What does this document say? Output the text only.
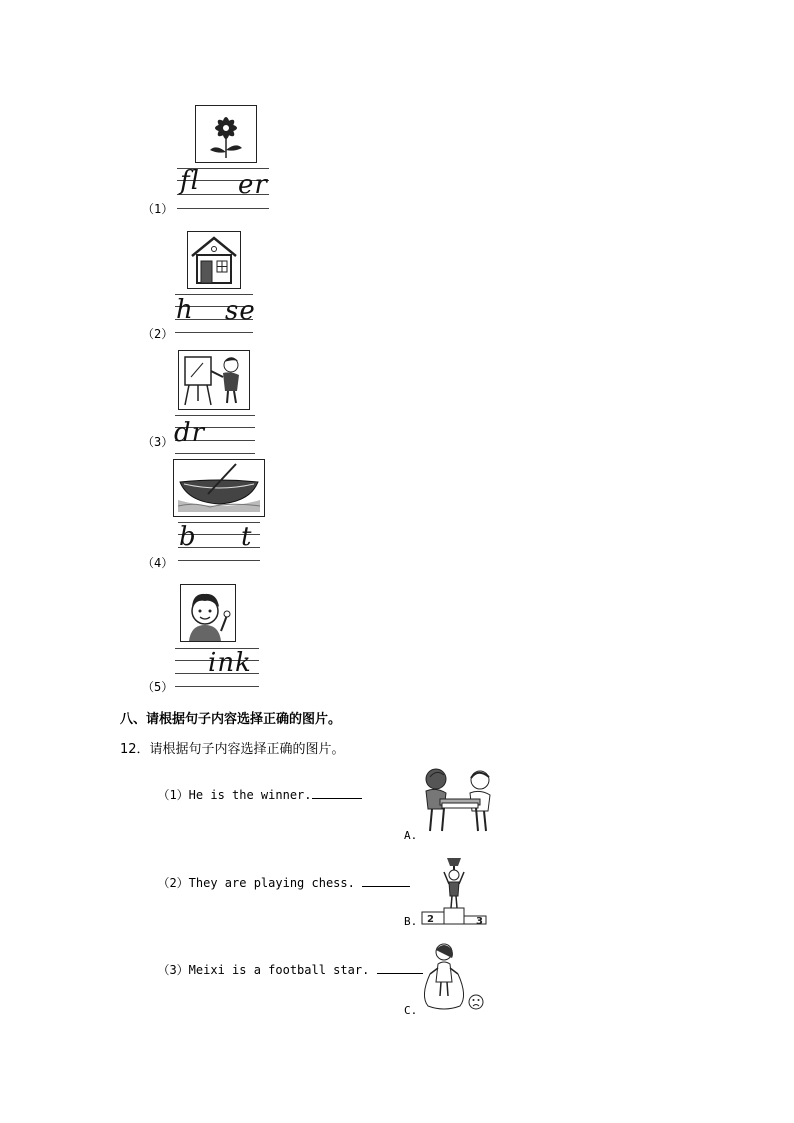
fl er
（1）
h se
（2）
dr
（3）
b t
（4）
ink
（5）
八、请根据句子内容选择正确的图片。
12．请根据句子内容选择正确的图片。

（1）He is the winner.

（2）They are playing chess.

（3）Meixi is a football star.

A.
2	3
B.
C.
